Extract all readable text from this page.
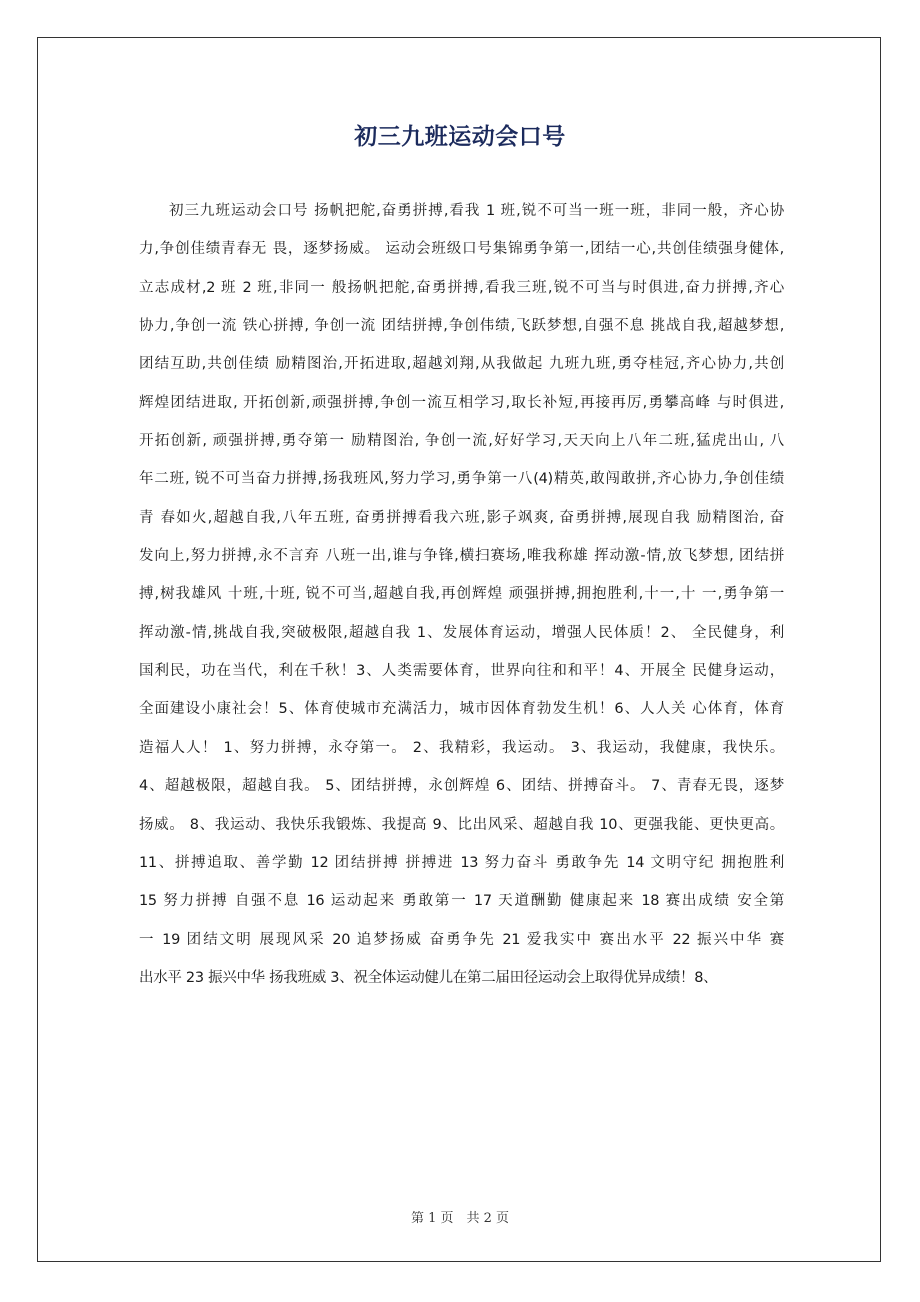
初三九班运动会口号
初三九班运动会口号 扬帆把舵,奋勇拼搏,看我 1 班,锐不可当一班一班，非同一般，齐心协
力,争创佳绩青春无 畏，逐梦扬威。 运动会班级口号集锦勇争第一,团结一心,共创佳绩强身健体,
立志成材,2 班 2 班,非同一 般扬帆把舵,奋勇拼搏,看我三班,锐不可当与时俱进,奋力拼搏,齐心
协力,争创一流 铁心拼搏, 争创一流 团结拼搏,争创伟绩,飞跃梦想,自强不息 挑战自我,超越梦想,
团结互助,共创佳绩 励精图治,开拓进取,超越刘翔,从我做起 九班九班,勇夺桂冠,齐心协力,共创
辉煌团结进取, 开拓创新,顽强拼搏,争创一流互相学习,取长补短,再接再厉,勇攀高峰 与时俱进,
开拓创新, 顽强拼搏,勇夺第一 励精图治, 争创一流,好好学习,天天向上八年二班,猛虎出山, 八
年二班, 锐不可当奋力拼搏,扬我班风,努力学习,勇争第一八(4)精英,敢闯敢拼,齐心协力,争创佳绩
青 春如火,超越自我,八年五班, 奋勇拼搏看我六班,影子飒爽, 奋勇拼搏,展现自我 励精图治, 奋
发向上,努力拼搏,永不言弃 八班一出,谁与争锋,横扫赛场,唯我称雄 挥动激-情,放飞梦想, 团结拼
搏,树我雄风 十班,十班, 锐不可当,超越自我,再创辉煌 顽强拼搏,拥抱胜利,十一,十 一,勇争第一
挥动激-情,挑战自我,突破极限,超越自我 1、发展体育运动，增强人民体质！2、 全民健身，利
国利民，功在当代，利在千秋！3、人类需要体育，世界向往和和平！4、开展全 民健身运动，
全面建设小康社会！5、体育使城市充满活力，城市因体育勃发生机！6、人人关 心体育，体育
造福人人！ 1、努力拼搏，永夺第一。 2、我精彩，我运动。 3、我运动，我健康，我快乐。
4、超越极限，超越自我。 5、团结拼搏，永创辉煌 6、团结、拼搏奋斗。 7、青春无畏，逐梦
扬威。 8、我运动、我快乐我锻炼、我提高 9、比出风采、超越自我 10、更强我能、更快更高。
11、拼搏追取、善学勤 12 团结拼搏 拼搏进 13 努力奋斗 勇敢争先 14 文明守纪 拥抱胜利
15 努力拼搏 自强不息 16 运动起来 勇敢第一 17 天道酬勤 健康起来 18 赛出成绩 安全第
一 19 团结文明 展现风采 20 追梦扬威 奋勇争先 21 爱我实中 赛出水平 22 振兴中华 赛
出水平 23 振兴中华 扬我班威 3、祝全体运动健儿在第二届田径运动会上取得优异成绩！8、
第 1 页　共 2 页
